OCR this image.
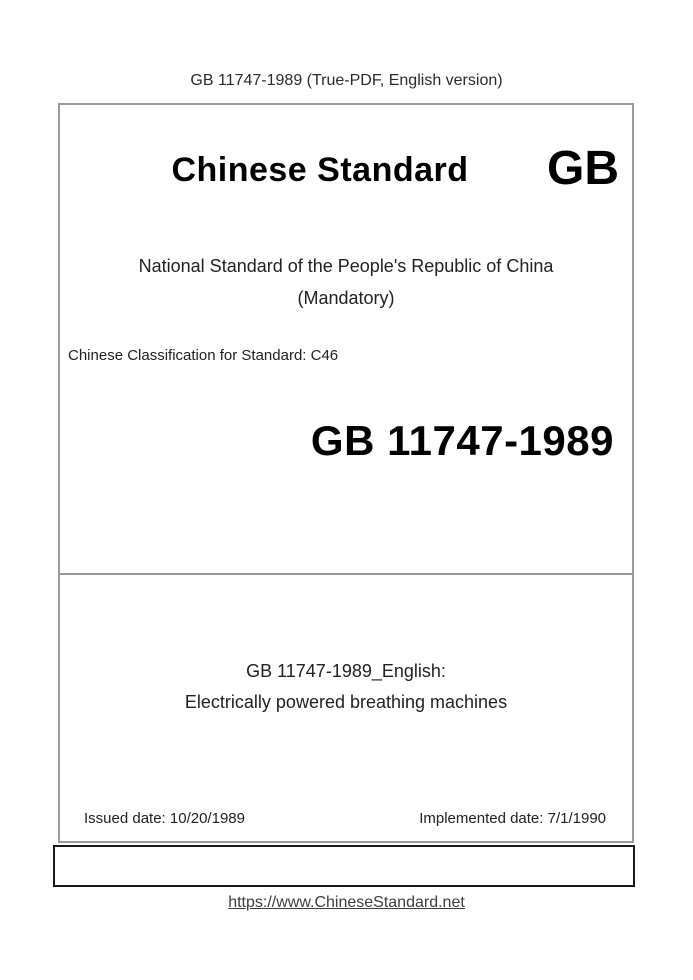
GB 11747-1989 (True-PDF, English version)
Chinese Standard	GB
National Standard of the People's Republic of China
(Mandatory)
Chinese Classification for Standard: C46
GB 11747-1989
GB 11747-1989_English:
Electrically powered breathing machines
Issued date: 10/20/1989	Implemented date: 7/1/1990
https://www.ChineseStandard.net
